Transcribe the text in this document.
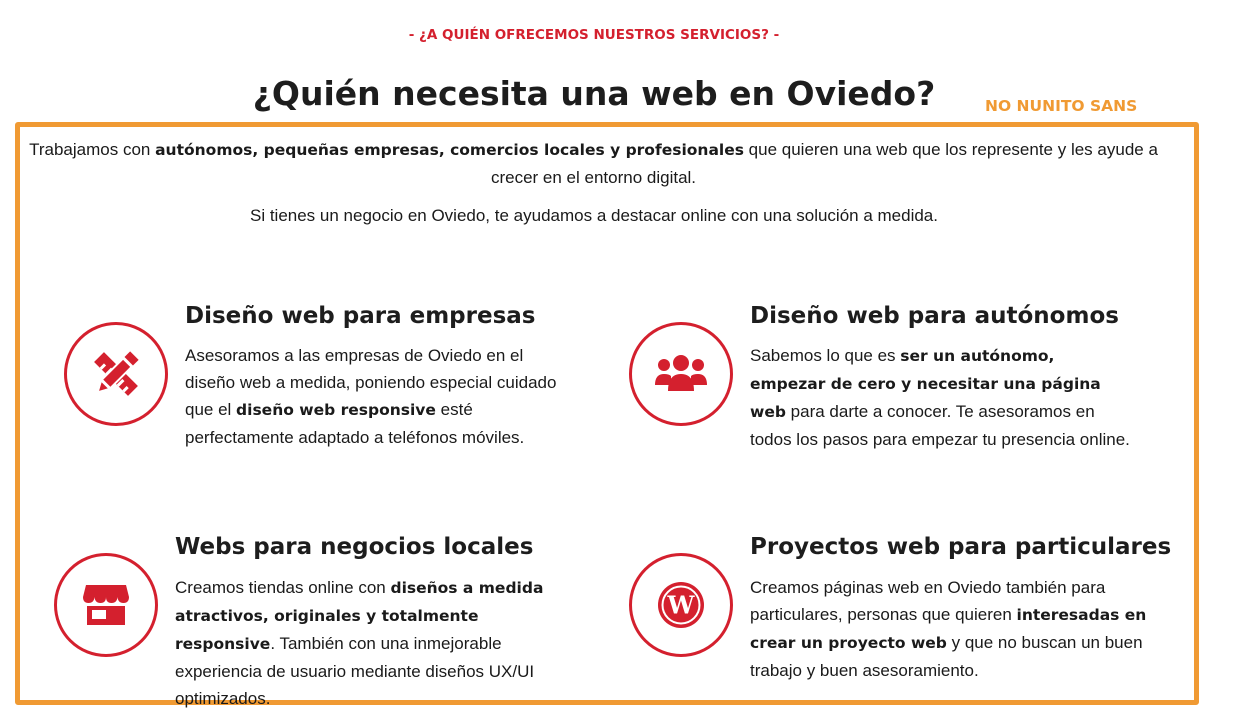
- ¿A QUIÉN OFRECEMOS NUESTROS SERVICIOS? -
¿Quién necesita una web en Oviedo?	NO NUNITO SANS

Trabajamos con autónomos, pequeñas empresas, comercios locales y profesionales que quieren una web que los represente y les ayude a crecer en el entorno digital.

Si tienes un negocio en Oviedo, te ayudamos a destacar online con una solución a medida.

Diseño web para empresas

Asesoramos a las empresas de Oviedo en el diseño web a medida, poniendo especial cuidado que el diseño web responsive esté perfectamente adaptado a teléfonos móviles.

Diseño web para autónomos

Sabemos lo que es ser un autónomo, empezar de cero y necesitar una página web para darte a conocer. Te asesoramos en todos los pasos para empezar tu presencia online.

Webs para negocios locales

Creamos tiendas online con diseños a medida atractivos, originales y totalmente responsive. También con una inmejorable experiencia de usuario mediante diseños UX/UI optimizados.

W
Proyectos web para particulares

Creamos páginas web en Oviedo también para particulares, personas que quieren interesadas en crear un proyecto web y que no buscan un buen trabajo y buen asesoramiento.
